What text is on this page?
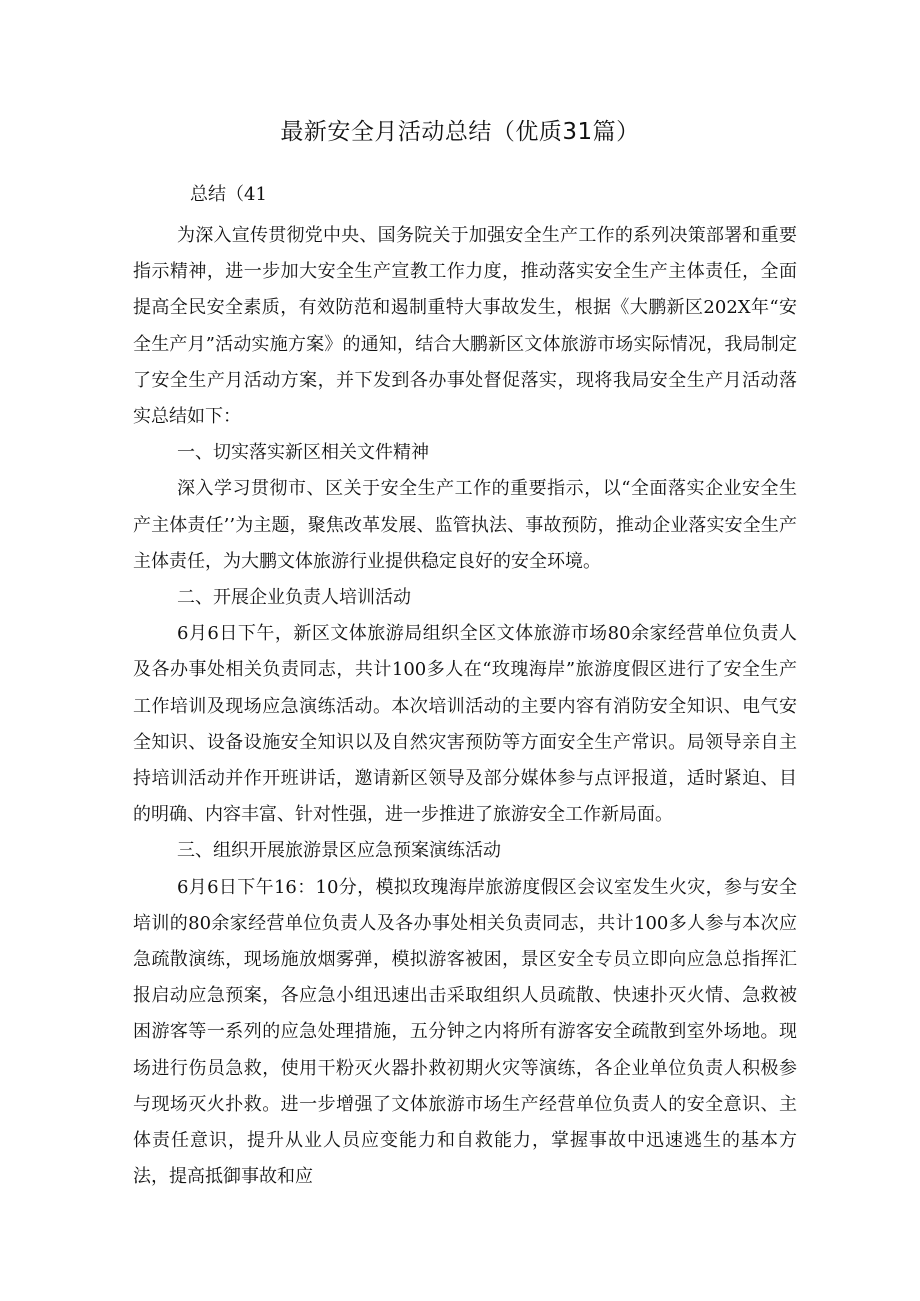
最新安全月活动总结（优质31篇）
总结（41

为深入宣传贯彻党中央、国务院关于加强安全生产工作的系列决策部署和重要指示精神，进一步加大安全生产宣教工作力度，推动落实安全生产主体责任，全面提高全民安全素质，有效防范和遏制重特大事故发生，根据《大鹏新区202X年“安全生产月”活动实施方案》的通知，结合大鹏新区文体旅游市场实际情况，我局制定了安全生产月活动方案，并下发到各办事处督促落实，现将我局安全生产月活动落实总结如下：

一、切实落实新区相关文件精神

深入学习贯彻市、区关于安全生产工作的重要指示，以“全面落实企业安全生产主体责任’’为主题，聚焦改革发展、监管执法、事故预防，推动企业落实安全生产主体责任，为大鹏文体旅游行业提供稳定良好的安全环境。

二、开展企业负责人培训活动

6月6日下午，新区文体旅游局组织全区文体旅游市场80余家经营单位负责人及各办事处相关负责同志，共计100多人在“玫瑰海岸”旅游度假区进行了安全生产工作培训及现场应急演练活动。本次培训活动的主要内容有消防安全知识、电气安全知识、设备设施安全知识以及自然灾害预防等方面安全生产常识。局领导亲自主持培训活动并作开班讲话，邀请新区领导及部分媒体参与点评报道，适时紧迫、目的明确、内容丰富、针对性强，进一步推进了旅游安全工作新局面。

三、组织开展旅游景区应急预案演练活动

6月6日下午16：10分，模拟玫瑰海岸旅游度假区会议室发生火灾，参与安全培训的80余家经营单位负责人及各办事处相关负责同志，共计100多人参与本次应急疏散演练，现场施放烟雾弹，模拟游客被困，景区安全专员立即向应急总指挥汇报启动应急预案，各应急小组迅速出击采取组织人员疏散、快速扑灭火情、急救被困游客等一系列的应急处理措施，五分钟之内将所有游客安全疏散到室外场地。现场进行伤员急救，使用干粉灭火器扑救初期火灾等演练，各企业单位负责人积极参与现场灭火扑救。进一步增强了文体旅游市场生产经营单位负责人的安全意识、主体责任意识，提升从业人员应变能力和自救能力，掌握事故中迅速逃生的基本方法，提高抵御事故和应
